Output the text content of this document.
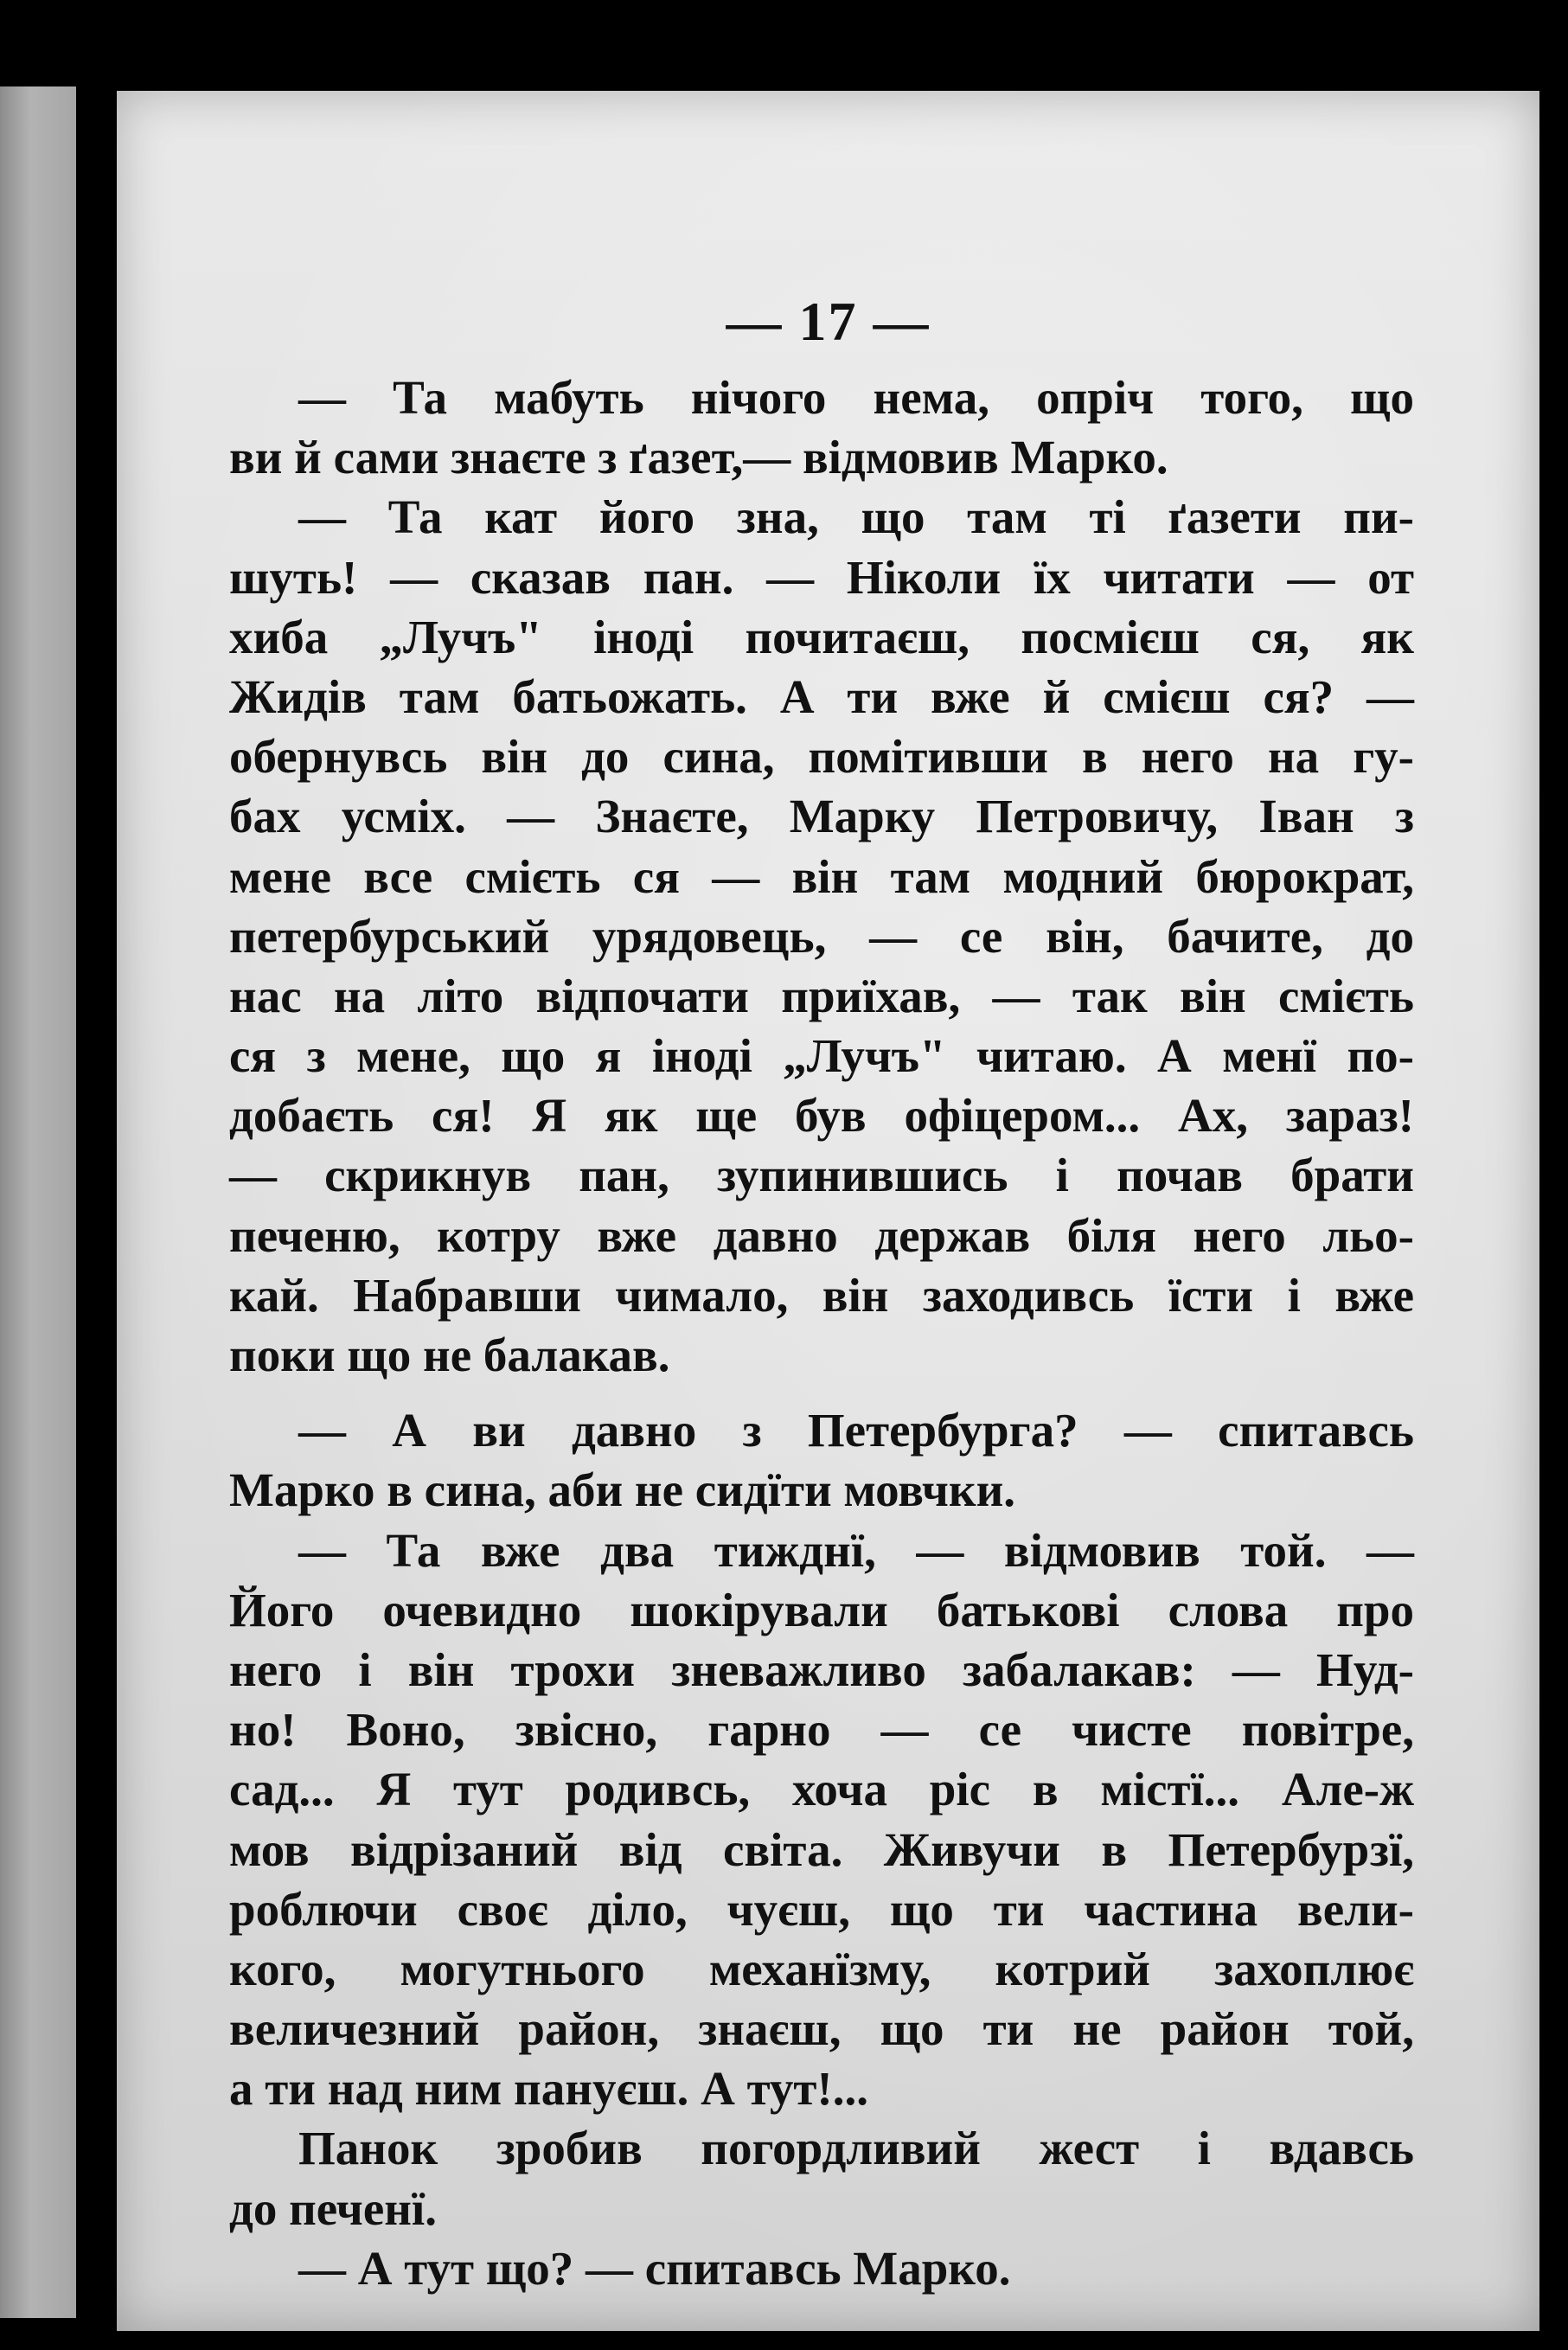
— 17 —
— Та мабуть нічого нема, опріч того, що
ви й сами знаєте з ґазет,— відмовив Марко.
— Та кат його зна, що там ті ґазети пи-
шуть! — сказав пан. — Ніколи їх читати — от
хиба „Лучъ" іноді почитаєш, посмієш ся, як
Жидів там батьожать. А ти вже й смієш ся? —
обернувсь він до сина, помітивши в него на гу-
бах усміх. — Знаєте, Марку Петровичу, Іван з
мене все смієть ся — він там модний бюрократ,
петербурський урядовець, — се він, бачите, до
нас на літо відпочати приїхав, — так він смієть
ся з мене, що я іноді „Лучъ" читаю. А менї по-
добаєть ся! Я як ще був офіцером... Ах, зараз!
— скрикнув пан, зупинившись і почав брати
печеню, котру вже давно держав біля него льо-
кай. Набравши чимало, він заходивсь їсти і вже
поки що не балакав.
— А ви давно з Петербурга? — спитавсь
Марко в сина, аби не сидїти мовчки.
— Та вже два тижднї, — відмовив той. —
Його очевидно шокірували батькові слова про
него і він трохи зневажливо забалакав: — Нуд-
но! Воно, звісно, гарно — се чисте повітре,
сад... Я тут родивсь, хоча ріс в містї... Але-ж
мов відрізаний від світа. Живучи в Петербурзї,
роблючи своє діло, чуєш, що ти частина вели-
кого, могутнього механїзму, котрий захоплює
величезний район, знаєш, що ти не район той,
а ти над ним пануєш. А тут!...
Панок зробив погордливий жест і вдавсь
до печенї.
— А тут що? — спитавсь Марко.
